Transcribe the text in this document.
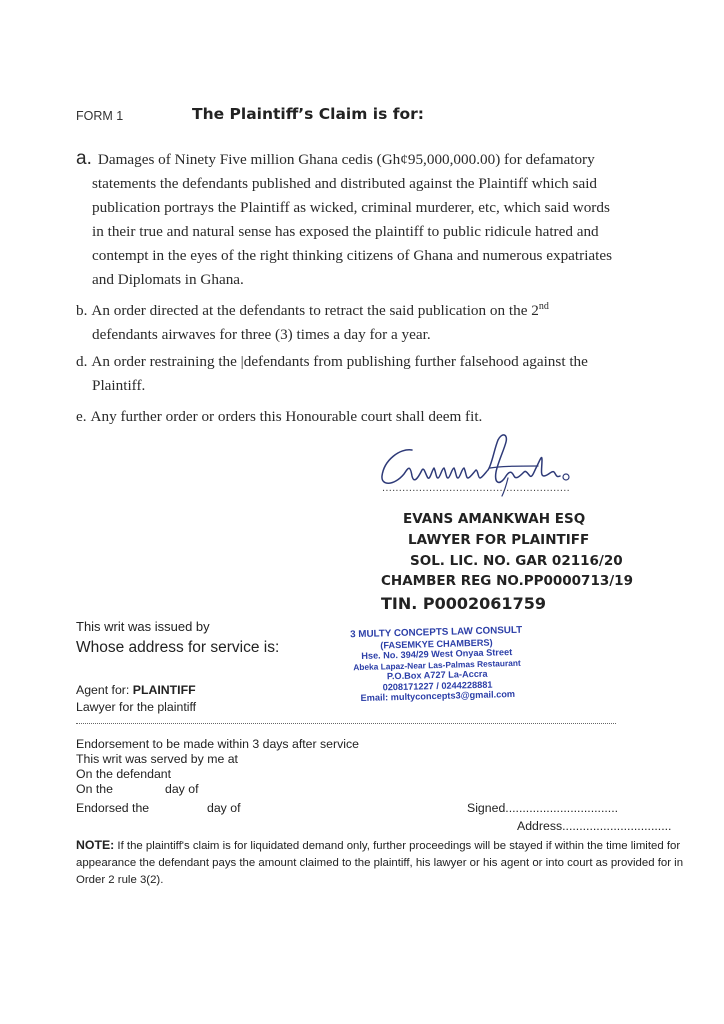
FORM 1	The Plaintiff’s Claim is for:
a. Damages of Ninety Five million Ghana cedis (Gh¢95,000,000.00) for defamatory
statements the defendants published and distributed against the Plaintiff which said
publication portrays the Plaintiff as wicked, criminal murderer, etc, which said words
in their true and natural sense has exposed the plaintiff to public ridicule hatred and
contempt in the eyes of the right thinking citizens of Ghana and numerous expatriates
and Diplomats in Ghana.
b. An order directed at the defendants to retract the said publication on the 2nd
defendants airwaves for three (3) times a day for a year.
d. An order restraining the |defendants from publishing further falsehood against the
Plaintiff.
e. Any further order or orders this Honourable court shall deem fit.
........................................................
EVANS AMANKWAH ESQ
LAWYER FOR PLAINTIFF
SOL. LIC. NO. GAR 02116/20
CHAMBER REG NO.PP0000713/19
TIN. P0002061759
This writ was issued by
Whose address for service is:
Agent for: PLAINTIFF
Lawyer for the plaintiff
3 MULTY CONCEPTS LAW CONSULT
(FASEMKYE CHAMBERS)
Hse. No. 394/29 West Onyaa Street
Abeka Lapaz-Near Las-Palmas Restaurant
P.O.Box A727 La-Accra
0208171227 / 0244228881
Email: multyconcepts3@gmail.com
Endorsement to be made within 3 days after service
This writ was served by me at
On the defendant
On the	day of
Endorsed the	day of	Signed.................................
Address................................
NOTE: If the plaintiff's claim is for liquidated demand only, further proceedings will be stayed if within the time limited for appearance the defendant pays the amount claimed to the plaintiff, his lawyer or his agent or into court as provided for in Order 2 rule 3(2).
